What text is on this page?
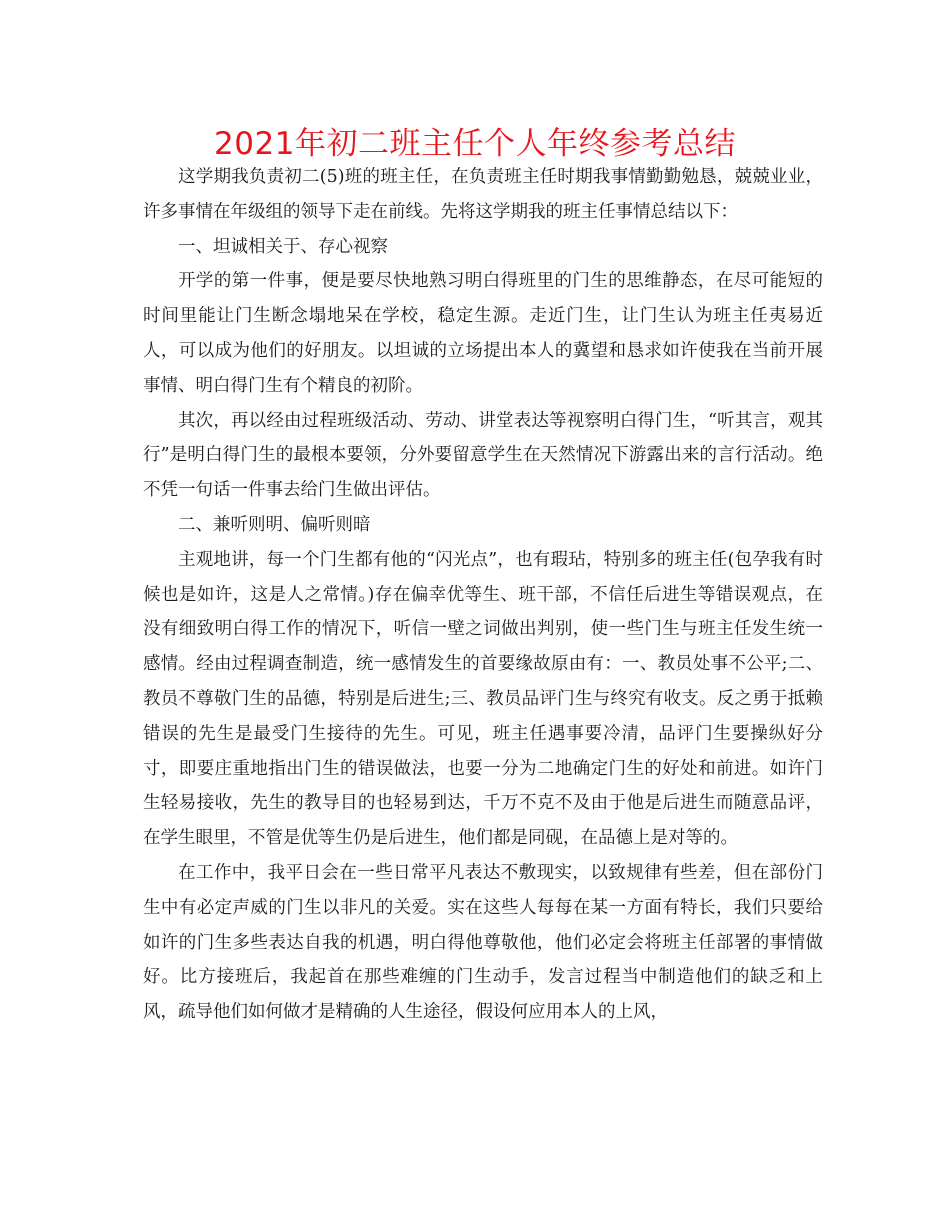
2021年初二班主任个人年终参考总结

这学期我负责初二(5)班的班主任，在负责班主任时期我事情勤勤勉恳，兢兢业业，许多事情在年级组的领导下走在前线。先将这学期我的班主任事情总结以下：

一、坦诚相关于、存心视察

开学的第一件事，便是要尽快地熟习明白得班里的门生的思维静态，在尽可能短的时间里能让门生断念塌地呆在学校，稳定生源。走近门生，让门生认为班主任夷易近人，可以成为他们的好朋友。以坦诚的立场提出本人的冀望和恳求如许使我在当前开展事情、明白得门生有个精良的初阶。

其次，再以经由过程班级活动、劳动、讲堂表达等视察明白得门生，“听其言，观其行”是明白得门生的最根本要领，分外要留意学生在天然情况下游露出来的言行活动。绝不凭一句话一件事去给门生做出评估。

二、兼听则明、偏听则暗

主观地讲，每一个门生都有他的“闪光点”，也有瑕玷，特别多的班主任(包孕我有时候也是如许，这是人之常情。)存在偏幸优等生、班干部，不信任后进生等错误观点，在没有细致明白得工作的情况下，听信一壁之词做出判别，使一些门生与班主任发生统一感情。经由过程调查制造，统一感情发生的首要缘故原由有：一、教员处事不公平;二、教员不尊敬门生的品德，特别是后进生;三、教员品评门生与终究有收支。反之勇于抵赖错误的先生是最受门生接待的先生。可见，班主任遇事要冷清，品评门生要操纵好分寸，即要庄重地指出门生的错误做法，也要一分为二地确定门生的好处和前进。如许门生轻易接收，先生的教导目的也轻易到达，千万不克不及由于他是后进生而随意品评，在学生眼里，不管是优等生仍是后进生，他们都是同砚，在品德上是对等的。

在工作中，我平日会在一些日常平凡表达不敷现实，以致规律有些差，但在部份门生中有必定声威的门生以非凡的关爱。实在这些人每每在某一方面有特长，我们只要给如许的门生多些表达自我的机遇，明白得他尊敬他，他们必定会将班主任部署的事情做好。比方接班后，我起首在那些难缠的门生动手，发言过程当中制造他们的缺乏和上风，疏导他们如何做才是精确的人生途径，假设何应用本人的上风，
